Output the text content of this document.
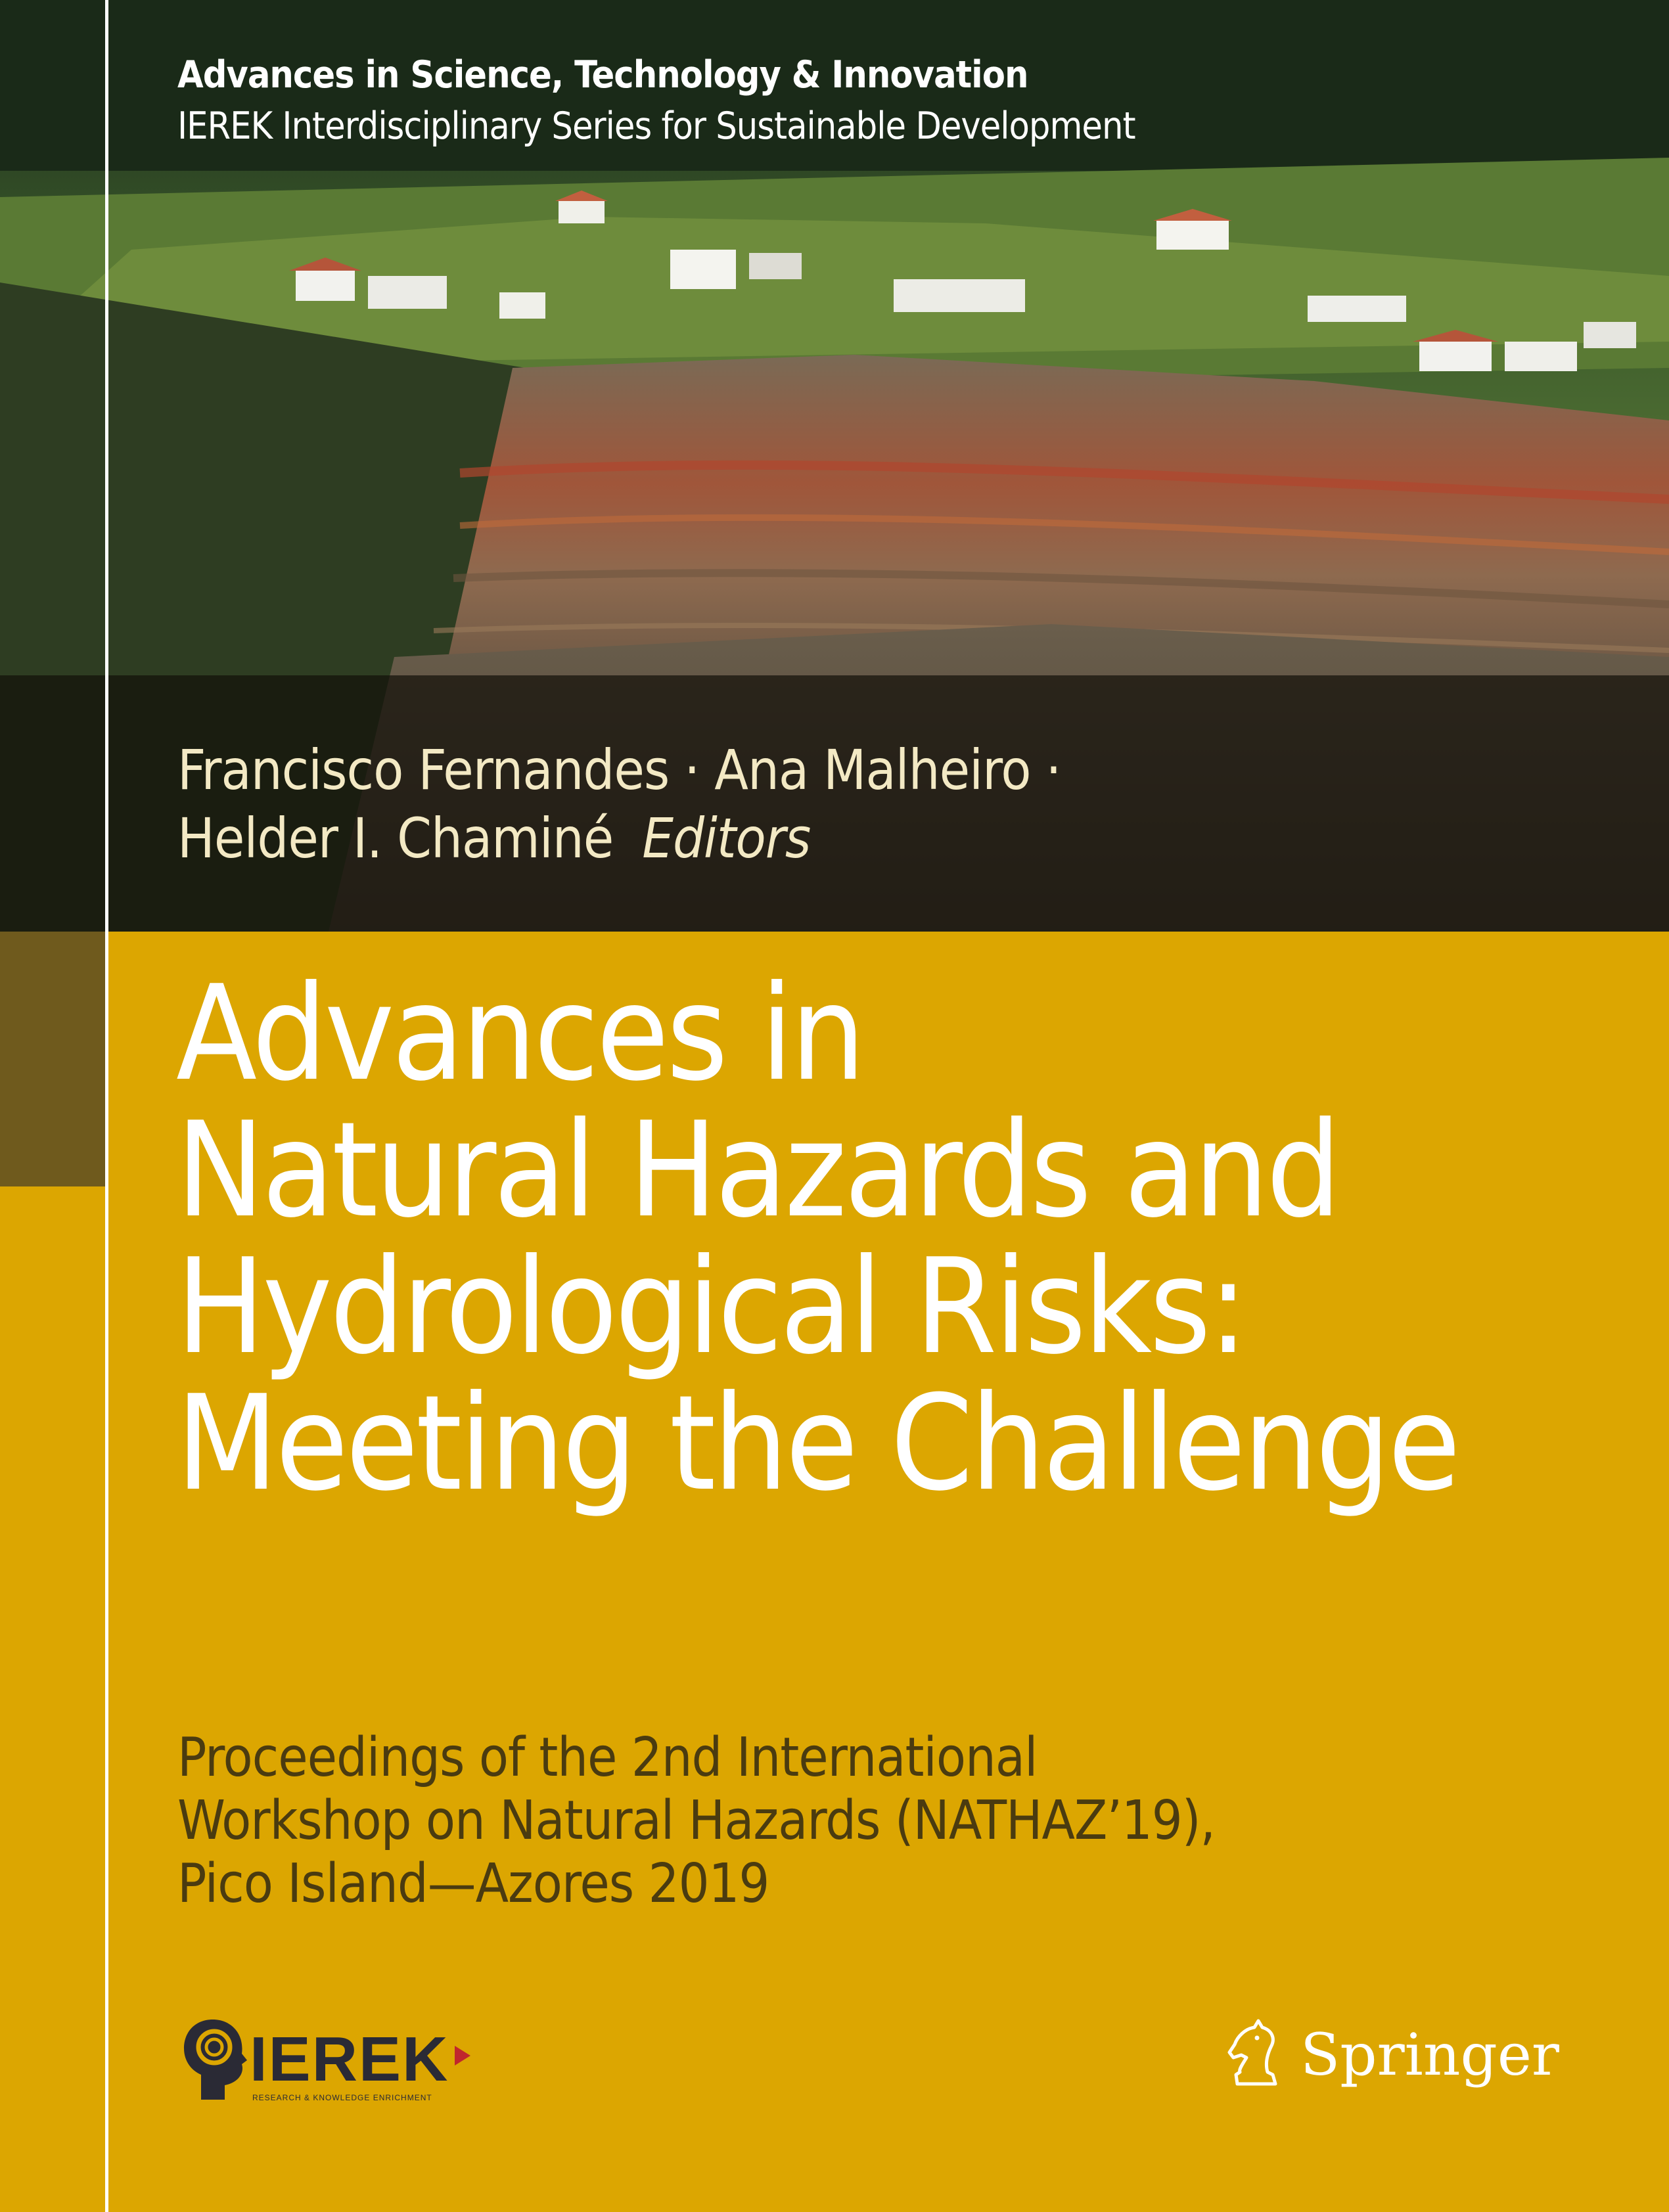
Advances in Science, Technology & Innovation
IEREK Interdisciplinary Series for Sustainable Development
Francisco Fernandes · Ana Malheiro ·
Helder I. Chaminé Editors
Advances in
Natural Hazards and
Hydrological Risks:
Meeting the Challenge
Proceedings of the 2nd International
Workshop on Natural Hazards (NATHAZ’19),
Pico Island—Azores 2019
IEREK
RESEARCH & KNOWLEDGE ENRICHMENT
Springer
